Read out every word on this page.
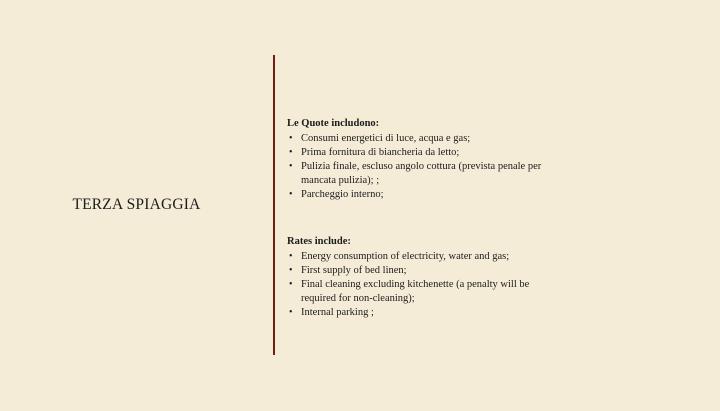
TERZA SPIAGGIA
Le Quote includono:
• Consumi energetici di luce, acqua e gas;
• Prima fornitura di biancheria da letto;
• Pulizia finale, escluso angolo cottura (prevista penale per mancata pulizia); ;
• Parcheggio interno;
Rates include:
• Energy consumption of electricity, water and gas;
• First supply of bed linen;
• Final cleaning excluding kitchenette (a penalty will be required for non-cleaning);
• Internal parking ;
